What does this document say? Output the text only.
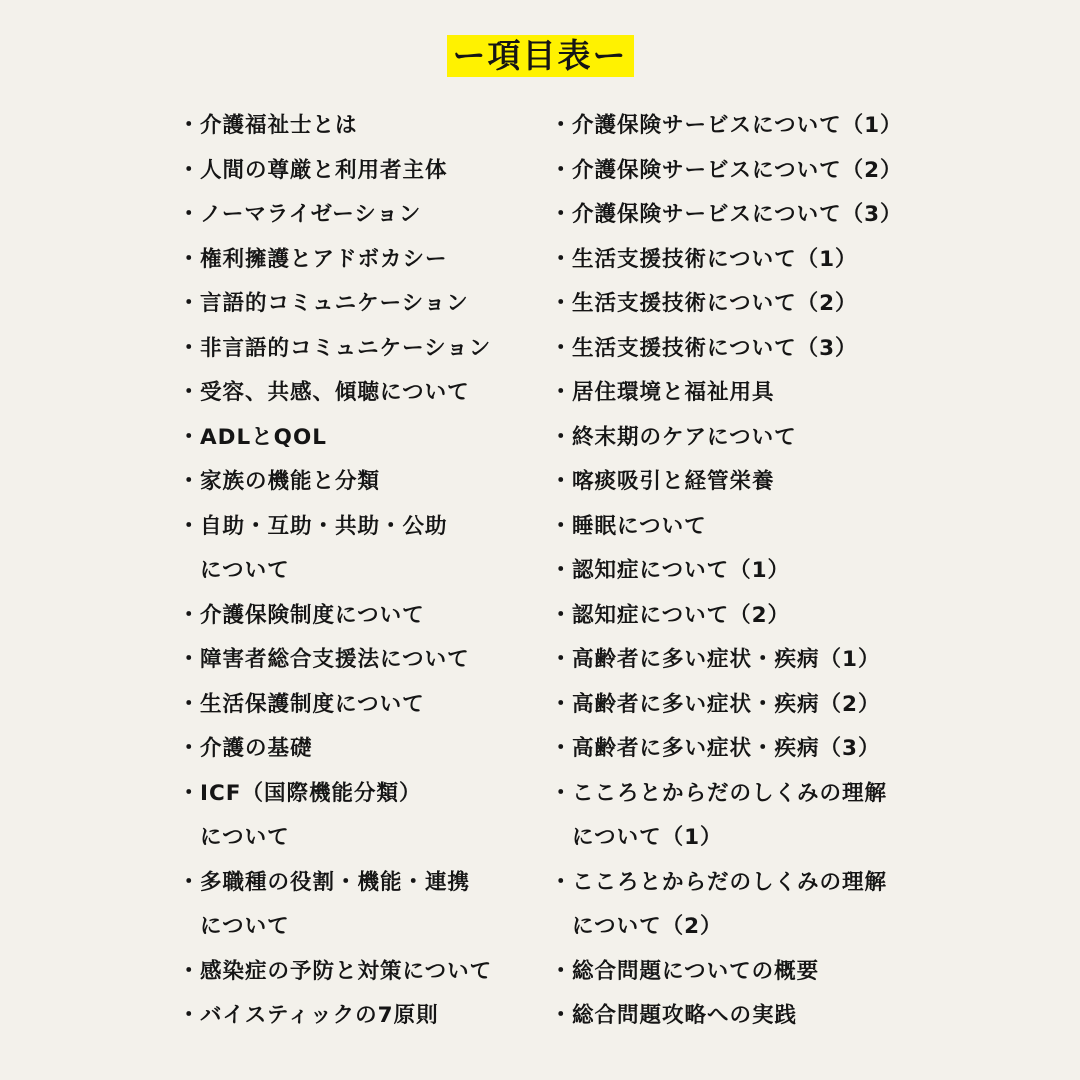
ー項目表ー
・介護福祉士とは
・人間の尊厳と利用者主体
・ノーマライゼーション
・権利擁護とアドボカシー
・言語的コミュニケーション
・非言語的コミュニケーション
・受容、共感、傾聴について
・ADLとQOL
・家族の機能と分類
・自助・互助・共助・公助
について
・介護保険制度について
・障害者総合支援法について
・生活保護制度について
・介護の基礎
・ICF（国際機能分類）
について
・多職種の役割・機能・連携
について
・感染症の予防と対策について
・バイスティックの7原則
・介護保険サービスについて（1）
・介護保険サービスについて（2）
・介護保険サービスについて（3）
・生活支援技術について（1）
・生活支援技術について（2）
・生活支援技術について（3）
・居住環境と福祉用具
・終末期のケアについて
・喀痰吸引と経管栄養
・睡眠について
・認知症について（1）
・認知症について（2）
・高齢者に多い症状・疾病（1）
・高齢者に多い症状・疾病（2）
・高齢者に多い症状・疾病（3）
・こころとからだのしくみの理解
について（1）
・こころとからだのしくみの理解
について（2）
・総合問題についての概要
・総合問題攻略への実践
